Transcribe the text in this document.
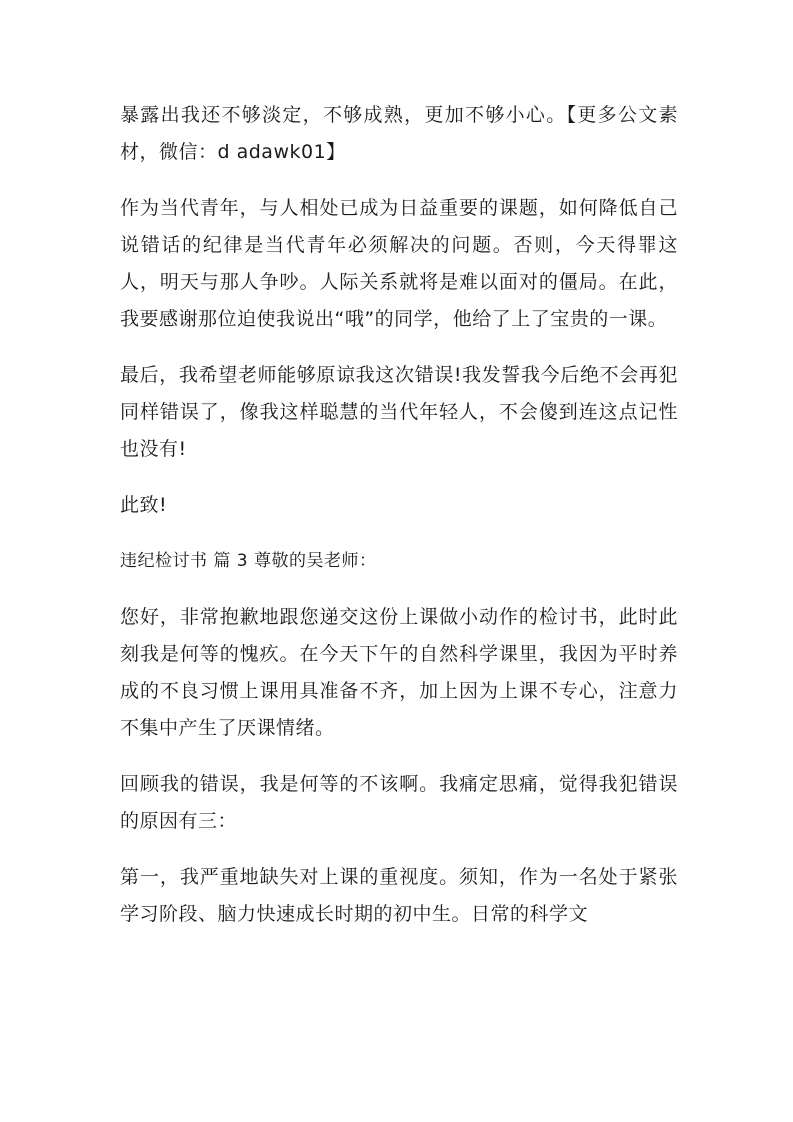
暴露出我还不够淡定，不够成熟，更加不够小心。【更多公文素材，微信：d adawk01】

作为当代青年，与人相处已成为日益重要的课题，如何降低自己说错话的纪律是当代青年必须解决的问题。否则，今天得罪这人，明天与那人争吵。人际关系就将是难以面对的僵局。在此，我要感谢那位迫使我说出“哦”的同学，他给了上了宝贵的一课。

最后，我希望老师能够原谅我这次错误!我发誓我今后绝不会再犯同样错误了，像我这样聪慧的当代年轻人，不会傻到连这点记性也没有!

此致!

违纪检讨书 篇 3 尊敬的吴老师：

您好，非常抱歉地跟您递交这份上课做小动作的检讨书，此时此刻我是何等的愧疚。在今天下午的自然科学课里，我因为平时养成的不良习惯上课用具准备不齐，加上因为上课不专心，注意力不集中产生了厌课情绪。

回顾我的错误，我是何等的不该啊。我痛定思痛，觉得我犯错误的原因有三：

第一，我严重地缺失对上课的重视度。须知，作为一名处于紧张学习阶段、脑力快速成长时期的初中生。日常的科学文
